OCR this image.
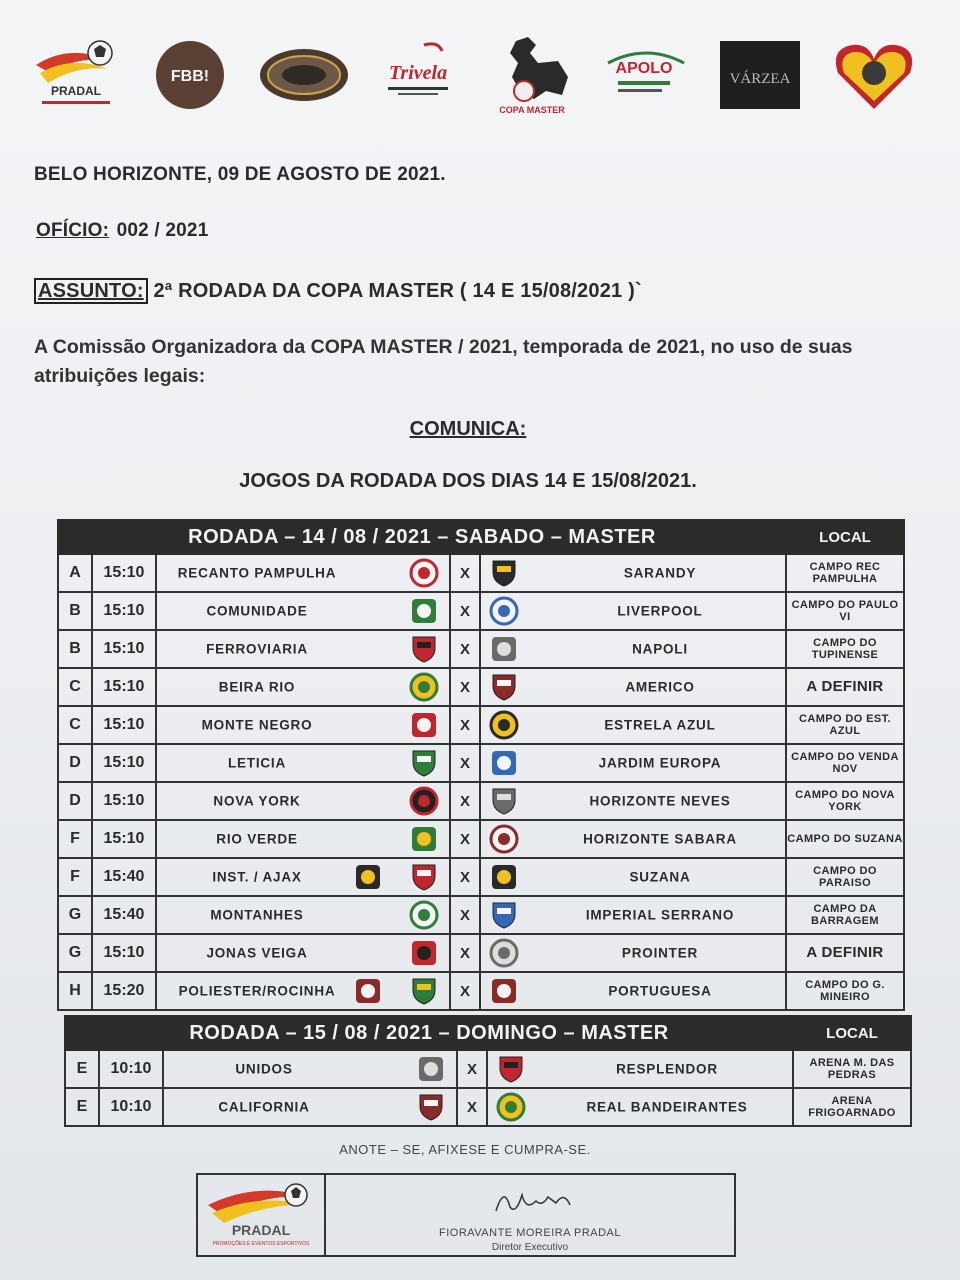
PRADAL
FBB!	Trivela
COPA MASTER
APOLO
VÁRZEA
BELO HORIZONTE, 09 DE AGOSTO DE 2021.
OFÍCIO: 002 / 2021
ASSUNTO: 2ª RODADA DA COPA MASTER ( 14 E 15/08/2021 )`
A Comissão Organizadora da COPA MASTER / 2021, temporada de 2021, no uso de suas atribuições legais:
COMUNICA:
JOGOS DA RODADA DOS DIAS 14 E 15/08/2021.
RODADA – 14 / 08 / 2021 – SABADO – MASTER					LOCAL
A	15:10	RECANTO PAMPULHA	X	SARANDY	CAMPO REC PAMPULHA
B	15:10	COMUNIDADE	X	LIVERPOOL	CAMPO DO PAULO VI
B	15:10	FERROVIARIA	X	NAPOLI	CAMPO DO TUPINENSE
C	15:10	BEIRA RIO	X	AMERICO	A DEFINIR
C	15:10	MONTE NEGRO	X	ESTRELA AZUL	CAMPO DO EST. AZUL
D	15:10	LETICIA	X	JARDIM EUROPA	CAMPO DO VENDA NOV
D	15:10	NOVA YORK	X	HORIZONTE NEVES	CAMPO DO NOVA YORK
F	15:10	RIO VERDE	X	HORIZONTE SABARA	CAMPO DO SUZANA
F	15:40	INST. / AJAX	X	SUZANA	CAMPO DO PARAISO
G	15:40	MONTANHES	X	IMPERIAL SERRANO	CAMPO DA BARRAGEM
G	15:10	JONAS VEIGA	X	PROINTER	A DEFINIR
H	15:20	POLIESTER/ROCINHA	X	PORTUGUESA	CAMPO DO G. MINEIRO
RODADA – 15 / 08 / 2021 – DOMINGO – MASTER					LOCAL
E	10:10	UNIDOS	X	RESPLENDOR	ARENA M. DAS PEDRAS
E	10:10	CALIFORNIA	X	REAL BANDEIRANTES	ARENA FRIGOARNADO
ANOTE – SE, AFIXESE E CUMPRA-SE.
PRADAL
PROMOÇÕES E EVENTOS ESPORTIVOS
FIORAVANTE MOREIRA PRADAL
Diretor Executivo
